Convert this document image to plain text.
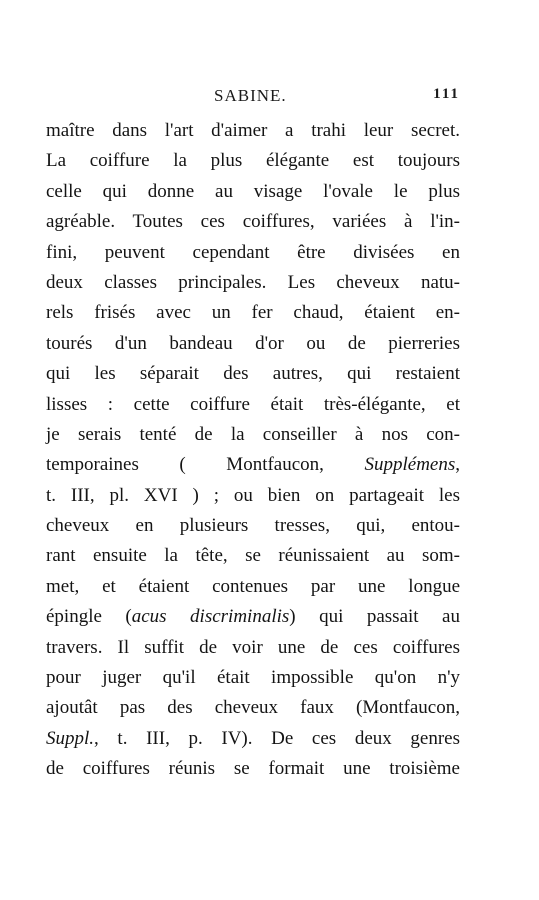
SABINE.	111
maître dans l'art d'aimer a trahi leur secret.
La coiffure la plus élégante est toujours
celle qui donne au visage l'ovale le plus
agréable. Toutes ces coiffures, variées à l'in-
fini, peuvent cependant être divisées en
deux classes principales. Les cheveux natu-
rels frisés avec un fer chaud, étaient en-
tourés d'un bandeau d'or ou de pierreries
qui les séparait des autres, qui restaient
lisses : cette coiffure était très-élégante, et
je serais tenté de la conseiller à nos con-
temporaines ( Montfaucon, Supplémens,
t. III, pl. XVI ) ; ou bien on partageait les
cheveux en plusieurs tresses, qui, entou-
rant ensuite la tête, se réunissaient au som-
met, et étaient contenues par une longue
épingle (acus discriminalis) qui passait au
travers. Il suffit de voir une de ces coiffures
pour juger qu'il était impossible qu'on n'y
ajoutât pas des cheveux faux (Montfaucon,
Suppl., t. III, p. IV). De ces deux genres
de coiffures réunis se formait une troisième
